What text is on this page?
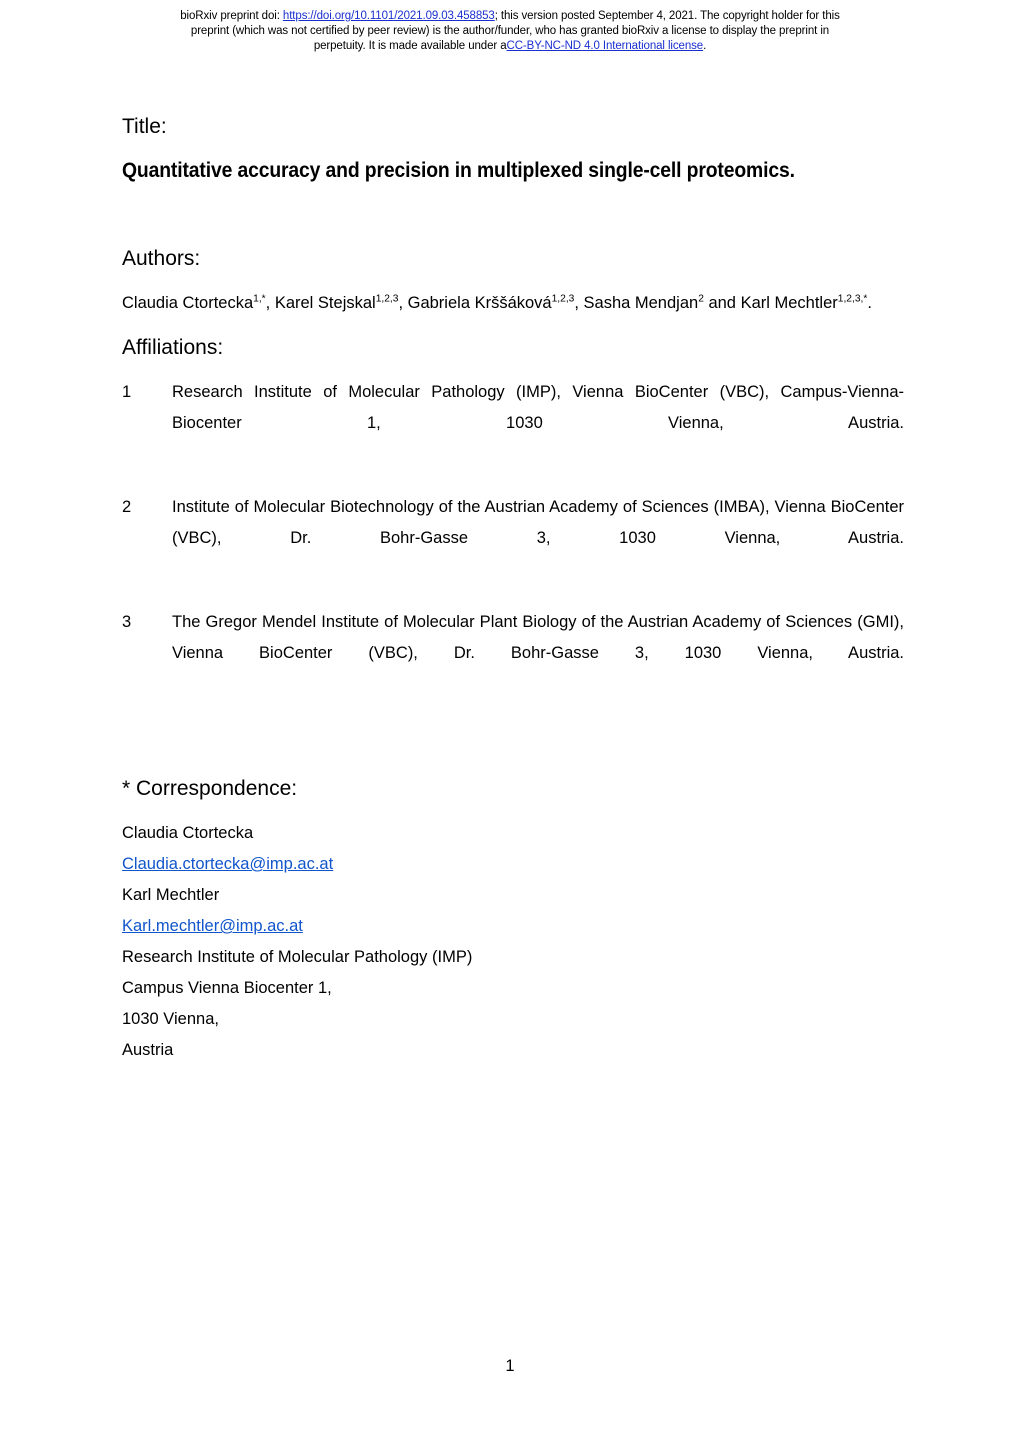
bioRxiv preprint doi: https://doi.org/10.1101/2021.09.03.458853; this version posted September 4, 2021. The copyright holder for this
preprint (which was not certified by peer review) is the author/funder, who has granted bioRxiv a license to display the preprint in
perpetuity. It is made available under aCC-BY-NC-ND 4.0 International license.
Title:
Quantitative accuracy and precision in multiplexed single-cell proteomics.
Authors:
Claudia Ctortecka$^{1,*}$, Karel Stejskal$^{1,2,3}$, Gabriela Krššáková$^{1,2,3}$, Sasha Mendjan$^2$ and Karl Mechtler$^{1,2,3,*}$.
Affiliations:
1	Research Institute of Molecular Pathology (IMP), Vienna BioCenter (VBC), Campus-Vienna-Biocenter 1, 1030 Vienna, Austria.
2	Institute of Molecular Biotechnology of the Austrian Academy of Sciences (IMBA), Vienna BioCenter (VBC), Dr. Bohr-Gasse 3, 1030 Vienna, Austria.
3	The Gregor Mendel Institute of Molecular Plant Biology of the Austrian Academy of Sciences (GMI), Vienna BioCenter (VBC), Dr. Bohr-Gasse 3, 1030 Vienna, Austria.
* Correspondence:
Claudia Ctortecka
Claudia.ctortecka@imp.ac.at
Karl Mechtler
Karl.mechtler@imp.ac.at
Research Institute of Molecular Pathology (IMP)
Campus Vienna Biocenter 1,
1030 Vienna,
Austria
1
